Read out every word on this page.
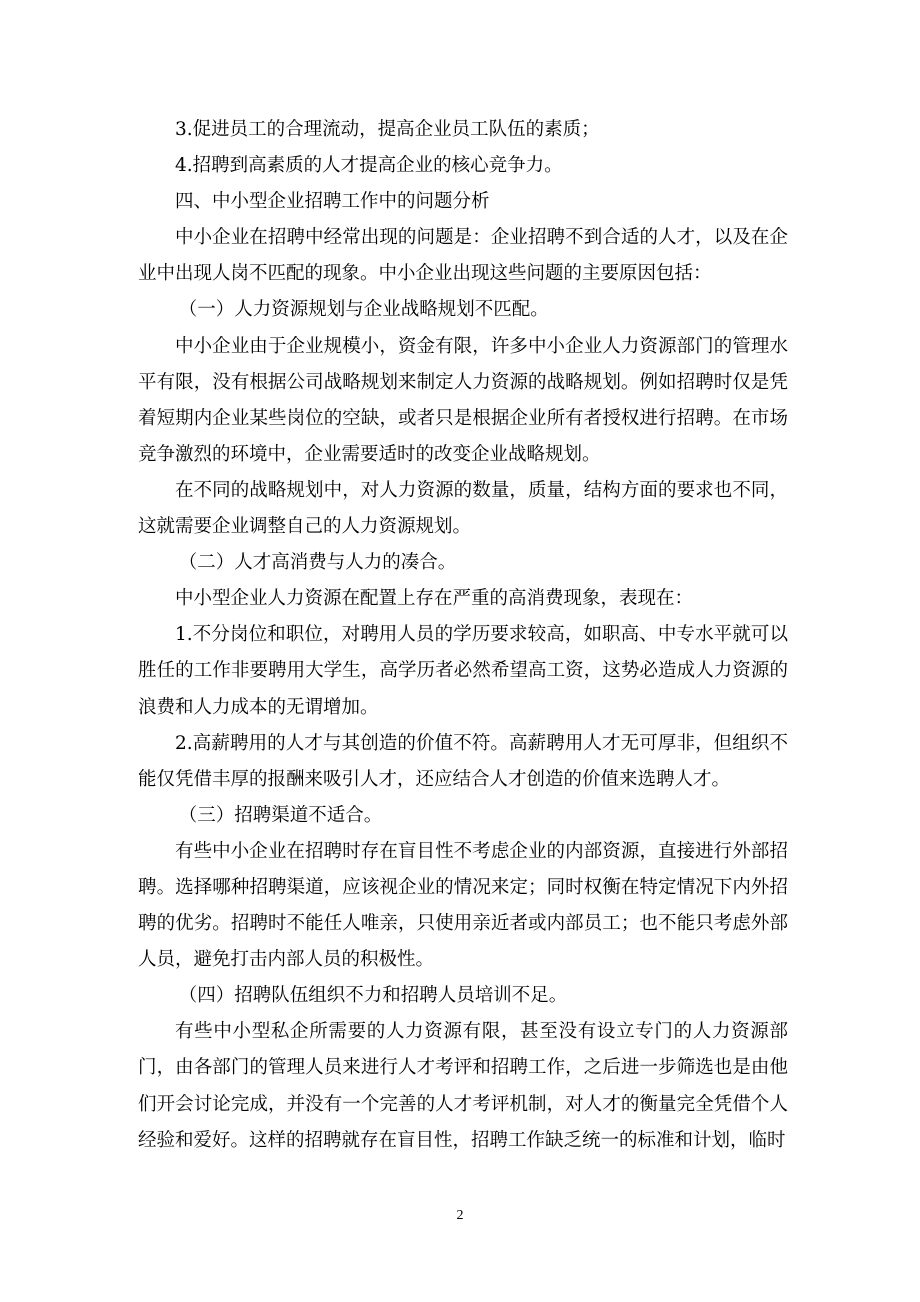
3.促进员工的合理流动，提高企业员工队伍的素质；

4.招聘到高素质的人才提高企业的核心竞争力。

四、中小型企业招聘工作中的问题分析

中小企业在招聘中经常出现的问题是：企业招聘不到合适的人才，以及在企业中出现人岗不匹配的现象。中小企业出现这些问题的主要原因包括：

（一）人力资源规划与企业战略规划不匹配。

中小企业由于企业规模小，资金有限，许多中小企业人力资源部门的管理水平有限，没有根据公司战略规划来制定人力资源的战略规划。例如招聘时仅是凭着短期内企业某些岗位的空缺，或者只是根据企业所有者授权进行招聘。在市场竞争激烈的环境中，企业需要适时的改变企业战略规划。

在不同的战略规划中，对人力资源的数量，质量，结构方面的要求也不同，这就需要企业调整自己的人力资源规划。

（二）人才高消费与人力的凑合。

中小型企业人力资源在配置上存在严重的高消费现象，表现在：

1.不分岗位和职位，对聘用人员的学历要求较高，如职高、中专水平就可以胜任的工作非要聘用大学生，高学历者必然希望高工资，这势必造成人力资源的浪费和人力成本的无谓增加。

2.高薪聘用的人才与其创造的价值不符。高薪聘用人才无可厚非，但组织不能仅凭借丰厚的报酬来吸引人才，还应结合人才创造的价值来选聘人才。

（三）招聘渠道不适合。

有些中小企业在招聘时存在盲目性不考虑企业的内部资源，直接进行外部招聘。选择哪种招聘渠道，应该视企业的情况来定；同时权衡在特定情况下内外招聘的优劣。招聘时不能任人唯亲，只使用亲近者或内部员工；也不能只考虑外部人员，避免打击内部人员的积极性。

（四）招聘队伍组织不力和招聘人员培训不足。

有些中小型私企所需要的人力资源有限，甚至没有设立专门的人力资源部门，由各部门的管理人员来进行人才考评和招聘工作，之后进一步筛选也是由他们开会讨论完成，并没有一个完善的人才考评机制，对人才的衡量完全凭借个人经验和爱好。这样的招聘就存在盲目性，招聘工作缺乏统一的标准和计划，临时

2
